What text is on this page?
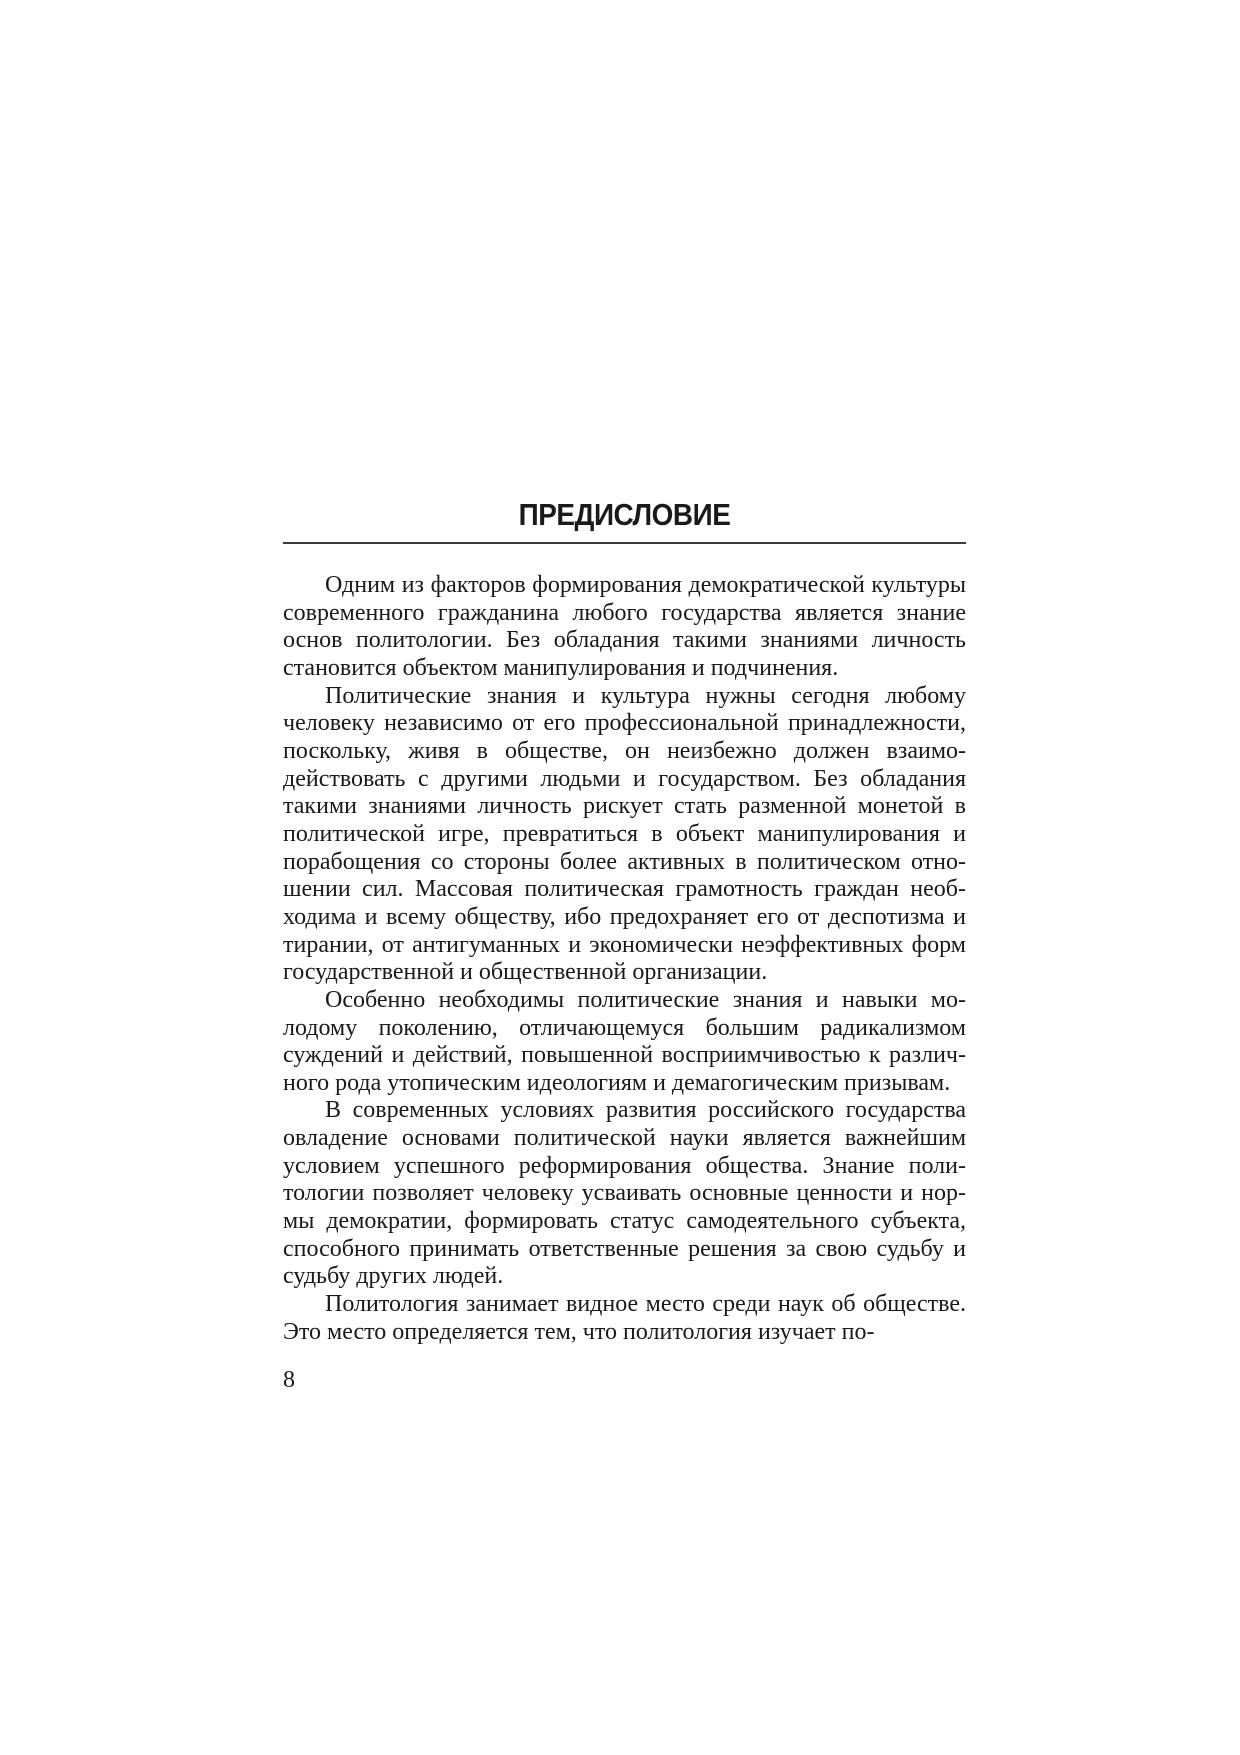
ПРЕДИСЛОВИЕ

Одним из факторов формирования демократической культуры современного гражданина любого государства является знание основ политологии. Без обладания такими знаниями личность становится объектом манипулирования и подчинения.

Политические знания и культура нужны сегодня любому человеку независимо от его профессиональной принадлежности, поскольку, живя в обществе, он неизбежно должен взаимодействовать с другими людьми и государством. Без обладания такими знаниями личность рискует стать разменной монетой в политической игре, превратиться в объект манипулирования и порабощения со стороны более активных в политическом отношении сил. Массовая политическая грамотность граждан необходима и всему обществу, ибо предохраняет его от деспотизма и тирании, от антигуманных и экономически неэффективных форм государственной и общественной организации.

Особенно необходимы политические знания и навыки молодому поколению, отличающемуся большим радикализмом суждений и действий, повышенной восприимчивостью к различного рода утопическим идеологиям и демагогическим призывам.

В современных условиях развития российского государства овладение основами политической науки является важнейшим условием успешного реформирования общества. Знание политологии позволяет человеку усваивать основные ценности и нормы демократии, формировать статус самодеятельного субъекта, способного принимать ответственные решения за свою судьбу и судьбу других людей.

Политология занимает видное место среди наук об обществе. Это место определяется тем, что политология изучает по-

8
